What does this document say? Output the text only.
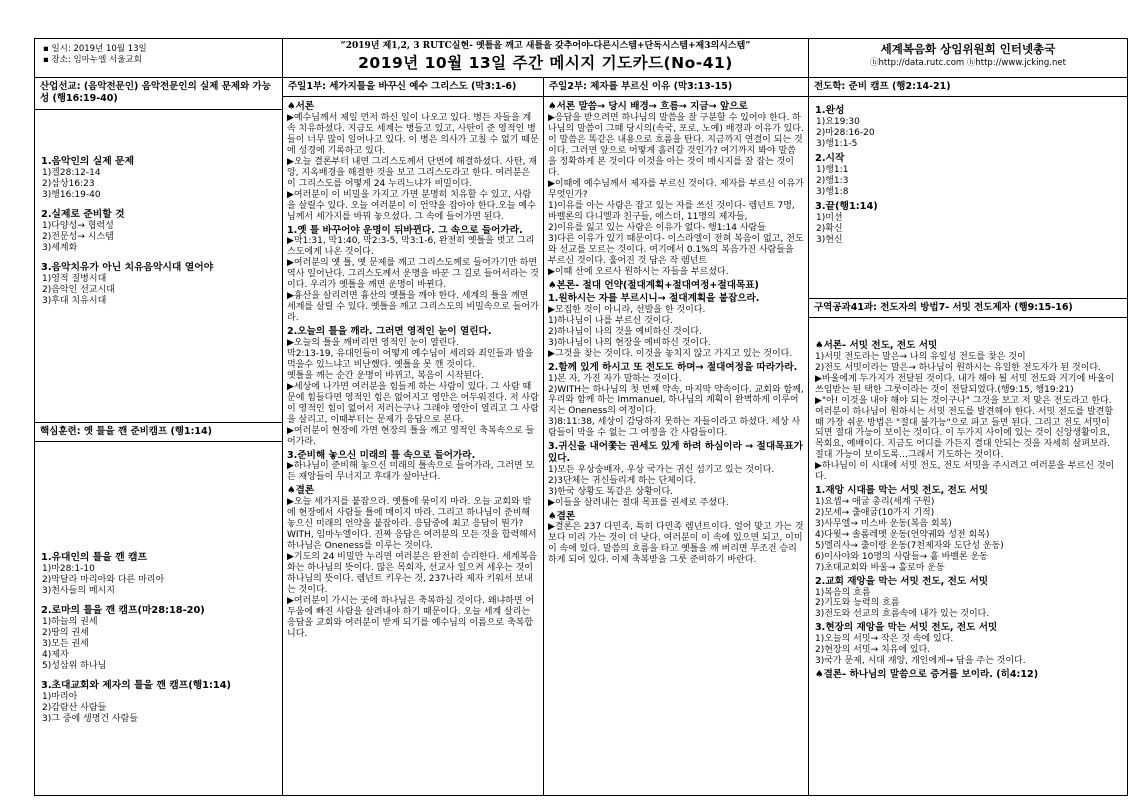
▪ 일시: 2019년 10월 13일
▪ 장소: 임마누엘 서울교회
“2019년 제1,2, 3 RUTC실현- 옛틀을 깨고 새틀을 갖추어야-다른시스템+단독시스템+제3의시스템”
2019년 10월 13일 주간 메시지 기도카드(No-41)
세계복음화 상임위원회 인터넷총국
ⓗhttp://data.rutc.com ⓗhttp://www.jcking.net
산업선교: (음악전문인) 음악전문인의 실제 문제와 가능성 (행16:19-40)
1.음악인의 실제 문제
1)겔28:12-14
2)삼상16:23
3)행16:19-40
2.실제로 준비할 것
1)다양성→ 협력성
2)전문성→ 시스템
3)세계화
3.음악치유가 아닌 치유음악시대 열어야
1)영적 질병시대
2)음악인 선교시대
3)후대 치유시대
핵심훈련: 옛 틀을 깬 준비캠프 (행1:14)
1.유대인의 틀을 깬 캠프
1)마28:1-10
2)막달라 마리아와 다른 마리아
3)천사들의 메시지
2.로마의 틀을 깬 캠프(마28:18-20)
1)하늘의 권세
2)땅의 권세
3)모든 권세
4)제자
5)성삼위 하나님
3.초대교회와 제자의 틀을 깬 캠프(행1:14)
1)마리아
2)감람산 사람들
3)그 중에 생명건 사람들
주일1부: 세가지틀을 바꾸신 예수 그리스도 (막3:1-6)

♠서론

▶예수님께서 제일 먼저 하신 일이 나오고 있다. 병든 자들을 계속 치유하셨다. 지금도 세계는 병들고 있고, 사탄이 준 영적인 병들이 너무 많이 일어나고 있다. 이 병은 의사가 고칠 수 없기 때문에 성경에 기록하고 있다.

▶오늘 결론부터 내면 그리스도께서 단번에 해결하셨다. 사탄, 재앙, 지옥배경을 해결한 것을 보고 그리스도라고 한다. 여러분은 이 그리스도를 어떻게 24 누리느냐가 비밀이다.

▶여러분이 이 비밀을 가지고 가면 분명히 치유할 수 있고, 사람을 살릴수 있다. 오늘 여러분이 이 언약을 잡아야 한다.오늘 예수님께서 세가지를 바꿔 놓으셨다. 그 속에 들어가면 된다.

1.옛 틀 바꾸어야 운명이 뒤바뀐다. 그 속으로 들어가라.

▶막1:31, 막1:40, 막2:3-5, 막3:1-6, 완전히 옛틀을 벗고 그리스도에게 나온 것이다.

▶여러분의 옛 틀, 옛 문제를 깨고 그리스도께로 들어가기만 하면 역사 일어난다. 그리스도께서 운명을 바꾼 그 길로 들어서라는 것이다. 우리가 옛틀을 깨면 운명이 바뀐다.

▶흉산을 살리려면 흉산의 옛틀을 깨야 한다. 세계의 틀을 깨면 세계를 살릴 수 있다. 옛틀을 깨고 그리스도의 비밀속으로 들어가라.

2.오늘의 틀을 깨라. 그러면 영적인 눈이 열린다.

▶오늘의 틀을 깨버리면 영적인 눈이 열린다.

막2:13-19, 유대인들이 어떻게 예수님이 세리와 죄인들과 밥을 먹을수 있느냐고 비난했다. 옛틀을 못 깬 것이다.

옛틀을 깨는 순간 운명이 바뀌고, 복음이 시작된다.

▶세상에 나가면 여러분을 힘들게 하는 사람이 있다. 그 사람 때문에 힘들다면 영적인 힘은 없어지고 영안은 어두워진다. 저 사람이 영적인 힘이 없어서 저러는구나 그래야 영안이 열리고 그 사람을 살리고, 이때부터는 문제가 응답으로 본다.

▶여러분이 현장에 가면 현장의 틀을 깨고 영적인 축복속으로 들어가라.

3.준비해 놓으신 미래의 틀 속으로 들어가라.

▶하나님이 준비해 놓으신 미래의 틀속으로 들어가라, 그러면 모든 재앙들이 무너지고 후대가 살아난다.

♠결론

▶오늘 세가지를 붙잡으라. 옛틀에 묶이지 마라. 오늘 교회와 밖에 현장에서 사람들 틀에 매이지 마라. 그리고 하나님이 준비해 놓으신 미래의 언약을 붙잡아라. 응답중에 최고 응답이 뭔가? WITH, 임마누엘이다. 진짜 응답은 여러분의 모든 것을 합력해서 하나님은 Oneness를 이루는 것이다.

▶기도의 24 비밀만 누리면 여러분은 완전히 승리한다. 세계복음화는 하나님의 뜻이다. 많은 목회자, 선교사 일으켜 세우는 것이 하나님의 뜻이다. 렘넌트 키우는 것, 237나라 제자 키워서 보내는 것이다.

▶여러분이 가시는 곳에 하나님은 축복하실 것이다. 왜냐하면 어두움에 빠진 사람을 살려내야 하기 때문이다. 오늘 세계 살리는 응답을 교회와 여러분이 받게 되기를 예수님의 이름으로 축복합니다.

주일2부: 제자를 부르신 이유 (막3:13-15)

♠서론 말씀→ 당시 배경→ 흐름→ 지금→ 앞으로

▶응답을 받으려면 하나님의 말씀을 잘 구분할 수 있어야 한다. 하나님의 말씀이 그때 당시의(속국, 포로, 노예) 배경과 이유가 있다. 이 말씀은 똑같은 내용으로 흐름을 탄다. 지금까지 연결이 되는 것이다. 그러면 앞으로 어떻게 흘러갈 것인가? 여기까지 봐야 말씀을 정확하게 본 것이다 이것을 아는 것이 매시지를 잘 잡는 것이다.

▶이때에 예수님께서 제자를 부르신 것이다. 제자를 부르신 이유가 무엇인가?

1)이유를 아는 사람은 잡고 있는 자를 쓰신 것이다- 렘넌트 7명, 바벨론의 다니엘과 친구들, 에스더, 11명의 제자들,

2)이유를 잃고 있는 사람은 이유가 없다- 행1:14 사람들

3)다른 이유가 있기 때문이다- 이스라엘이 전혀 복음이 없고, 전도와 선교를 모르는 것이다. 여기에서 0.1%의 복음가진 사람들을 부르신 것이다. 훌어진 것 답은 작 렘넌트

▶이때 산에 오르사 원하시는 자들을 부르셨다.

♠본론- 절대 언약(절대계획+절대여정+절대목표)

1.원하시는 자를 부르시니→ 절대계획을 붙잡으라.

▶모집한 것이 아니라, 선발을 한 것이다.

1)하나님이 나를 부르신 것이다.

2)하나님이 나의 것을 예비하신 것이다.

3)하나님이 나의 현장을 예비하신 것이다.

▶그것을 찾는 것이다. 이것을 놓치지 않고 가지고 있는 것이다.

2.함께 있게 하시고 또 전도도 하며→ 절대여정을 따라가라.

1)본 자, 가진 자가 말하는 것이다.

2)WITH는 하나님의 첫 번째 약속, 마지막 약속이다. 교회와 함께, 우리와 함께 하는 Immanuel, 하나님의 계획이 완벽하게 이루어지는 Oneness의 여정이다.

3)8:11:38, 세상이 감당하지 못하는 자들이라고 하셨다. 세상 사람들이 막을 수 없는 그 여정을 간 사람들이다.

3.귀신을 내어쫓는 권세도 있게 하려 하심이라 → 절대목표가 있다.

1)모든 우상숭배자, 우상 국가는 귀신 섬기고 있는 것이다.

2)3단체는 귀신들리게 하는 단체이다.

3)한국 상황도 똑같은 상황이다.

▶이들을 살려내는 절대 목표를 권세로 주셨다.

♠결론

▶결론은 237 다민족, 특히 다민족 렘넌트이다. 얼어 맞고 가는 것보다 미리 가는 것이 더 낫다. 여러분이 이 속에 있으면 되고, 이미 이 속에 있다. 말씀의 흐름을 타고 옛틀을 깨 버리면 무조건 승리하게 되어 있다. 이제 축복받을 그룻 준비하기 바란다.

전도학: 준비 캠프 (행2:14-21)
1.완성
1)요19:30
2)마28:16-20
3)행1:1-5
2.시작
1)행1:1
2)행1:3
3)행1:8
3.끝(행1:14)
1)미션
2)확신
3)현신
구역공과41과: 전도자의 방법7- 서밋 전도제자 (행9:15-16)

♠서론- 서밋 전도, 전도 서밋

1)서밋 전도라는 말은→ 나의 유일성 전도를 찾은 것이

2)전도 서밋이라는 말은→ 하나님이 원하시는 유일한 전도자가 된 것이다.

▶바울에게 두가지가 전달된 것이다. 내가 해야 될 서밋 전도와 거기에 바울이 쓰임받는 된 택한 그룻이라는 것이 전달되었다.(행9:15, 행19:21)

▶"아! 이것을 내야 해야 되는 것이구나" 그것을 보고 저 맞은 전도라고 한다. 여러분이 하나님이 원하시는 서밋 전도를 발견해야 한다. 서밋 전도를 발견할 때 가장 쉬운 방법은 "절대 불가능"으로 파고 들면 된다. 그리고 전도 서밋이 되면 절대 가능이 보이는 것이다. 이 두가지 사이에 있는 것이 신앙생활이요, 목회요, 예배이다. 지금도 어디를 가든지 결대 안되는 것을 자세히 살펴보라. 절대 가능이 보이도록…그래서 기도하는 것이다.

▶하나님이 이 시대에 서밋 전도, 전도 서밋을 주시려고 여러분을 부르신 것이다.

1.재앙 시대를 막는 서밋 전도, 전도 서밋

1)요셉→ 애굽 총리(세계 구원)

2)모세→ 출애굽(10가지 기적)

3)사무엘→ 미스바 운동(복음 회복)

4)다윗→ 솔롬레멧 운동(언약궤와 성전 회복)

5)엘리사→ 출이랑 운동(7천제자와 도단성 운동)

6)이사야와 10명의 사람들→ 흩 바벨론 운동

7)초대교회와 바울→ 홀로마 운동

2.교회 재앙을 막는 서밋 전도, 전도 서밋

1)복음의 흐름

2)기도와 능력의 흐름

3)전도와 선교의 흐름속에 내가 있는 것이다.

3.현장의 재앙을 막는 서밋 전도, 전도 서밋

1)오늘의 서밋→ 작은 것 속에 있다.

2)현장의 서밋→ 치유에 있다.

3)국가 문제, 시대 재앙, 개인에게→ 답을 주는 것이다.

♠결론- 하나님의 말씀으로 증거를 보이라. (히4:12)
